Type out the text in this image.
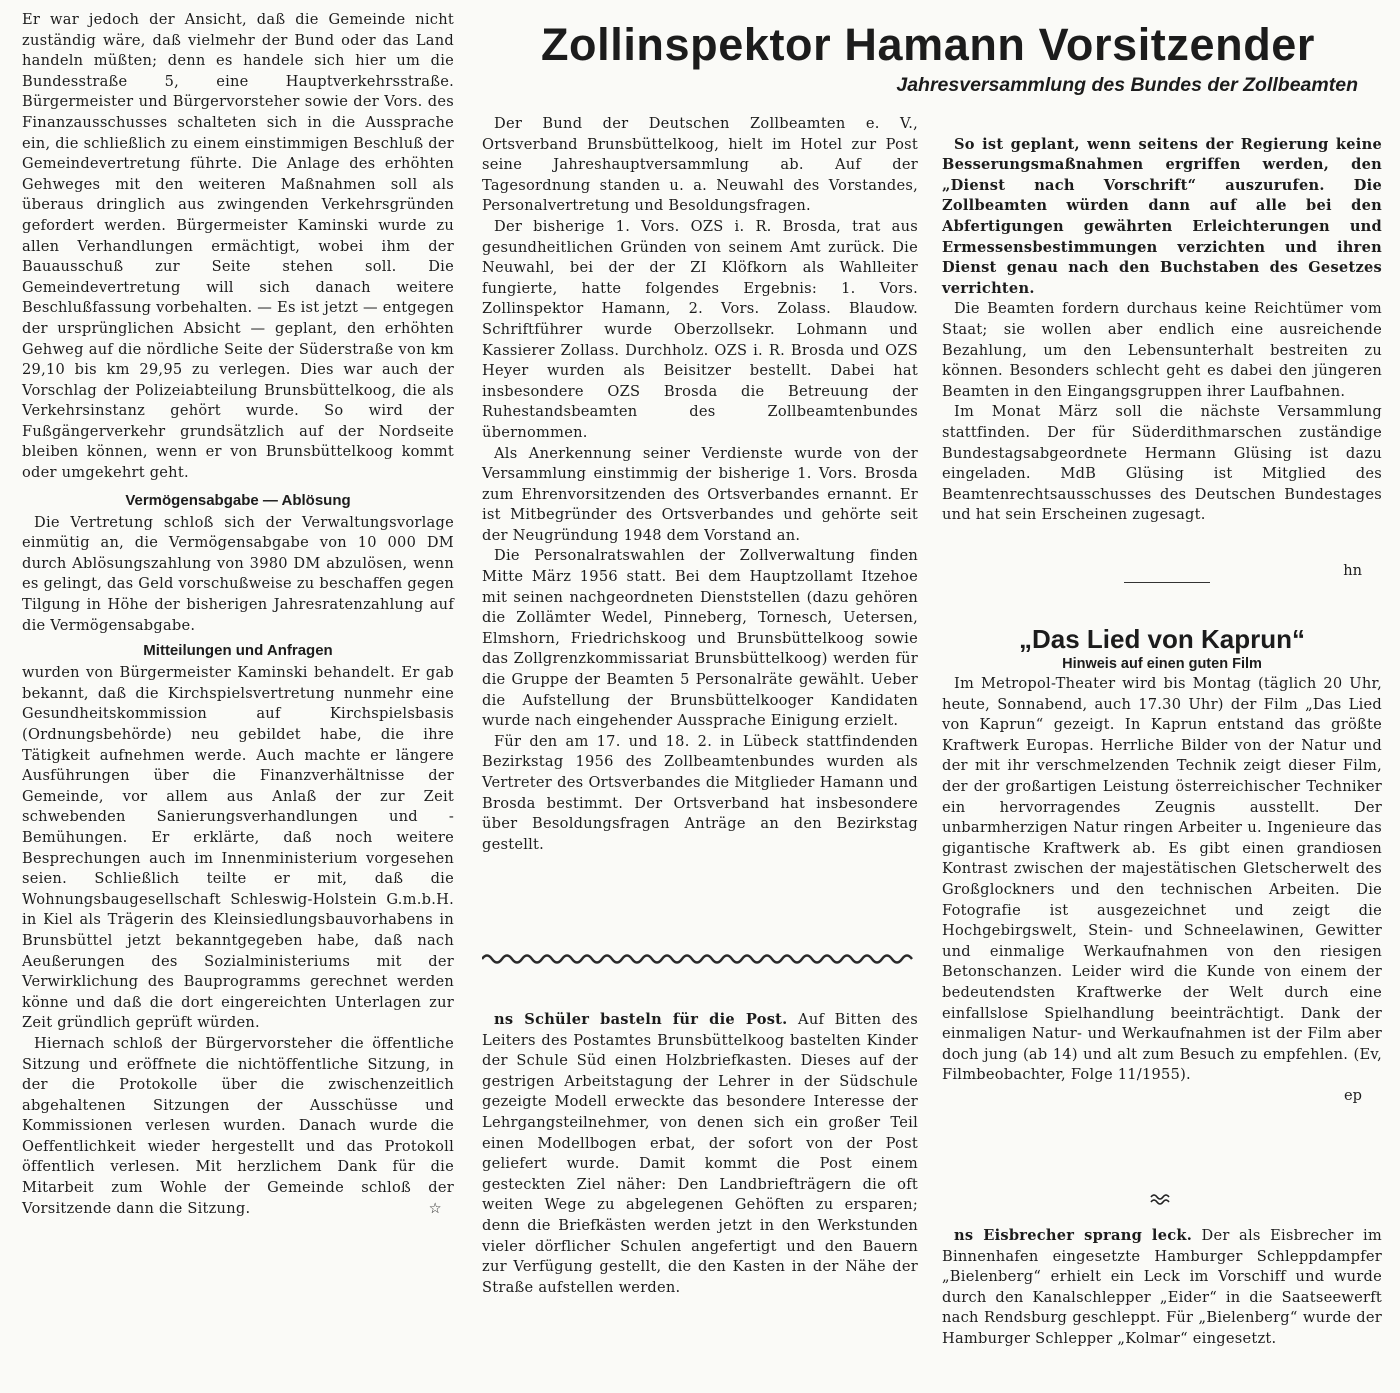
Er war jedoch der Ansicht, daß die Gemeinde nicht zuständig wäre, daß vielmehr der Bund oder das Land handeln müßten; denn es handele sich hier um die Bundesstraße 5, eine Hauptverkehrsstraße. Bürgermeister und Bürgervorsteher sowie der Vors. des Finanzausschusses schalteten sich in die Aussprache ein, die schließlich zu einem einstimmigen Beschluß der Gemeindevertretung führte. Die Anlage des erhöhten Gehweges mit den weiteren Maßnahmen soll als überaus dringlich aus zwingenden Verkehrsgründen gefordert werden. Bürgermeister Kaminski wurde zu allen Verhandlungen ermächtigt, wobei ihm der Bauausschuß zur Seite stehen soll. Die Gemeindevertretung will sich danach weitere Beschlußfassung vorbehalten. — Es ist jetzt — entgegen der ursprünglichen Absicht — geplant, den erhöhten Gehweg auf die nördliche Seite der Süderstraße von km 29,10 bis km 29,95 zu verlegen. Dies war auch der Vorschlag der Polizeiabteilung Brunsbüttelkoog, die als Verkehrsinstanz gehört wurde. So wird der Fußgängerverkehr grundsätzlich auf der Nordseite bleiben können, wenn er von Brunsbüttelkoog kommt oder umgekehrt geht.

Vermögensabgabe — Ablösung

Die Vertretung schloß sich der Verwaltungsvorlage einmütig an, die Vermögensabgabe von 10 000 DM durch Ablösungszahlung von 3980 DM abzulösen, wenn es gelingt, das Geld vorschußweise zu beschaffen gegen Tilgung in Höhe der bisherigen Jahresratenzahlung auf die Vermögensabgabe.

Mitteilungen und Anfragen

wurden von Bürgermeister Kaminski behandelt. Er gab bekannt, daß die Kirchspielsvertretung nunmehr eine Gesundheitskommission auf Kirchspielsbasis (Ordnungsbehörde) neu gebildet habe, die ihre Tätigkeit aufnehmen werde. Auch machte er längere Ausführungen über die Finanzverhältnisse der Gemeinde, vor allem aus Anlaß der zur Zeit schwebenden Sanierungsverhandlungen und -Bemühungen. Er erklärte, daß noch weitere Besprechungen auch im Innenministerium vorgesehen seien. Schließlich teilte er mit, daß die Wohnungsbaugesellschaft Schleswig-Holstein G.m.b.H. in Kiel als Trägerin des Kleinsiedlungsbauvorhabens in Brunsbüttel jetzt bekanntgegeben habe, daß nach Aeußerungen des Sozialministeriums mit der Verwirklichung des Bauprogramms gerechnet werden könne und daß die dort eingereichten Unterlagen zur Zeit gründlich geprüft würden.

Hiernach schloß der Bürgervorsteher die öffentliche Sitzung und eröffnete die nichtöffentliche Sitzung, in der die Protokolle über die zwischenzeitlich abgehaltenen Sitzungen der Ausschüsse und Kommissionen verlesen wurden. Danach wurde die Oeffentlichkeit wieder hergestellt und das Protokoll öffentlich verlesen. Mit herzlichem Dank für die Mitarbeit zum Wohle der Gemeinde schloß der Vorsitzende dann die Sitzung.	☆

Zollinspektor Hamann Vorsitzender
Jahresversammlung des Bundes der Zollbeamten

Der Bund der Deutschen Zollbeamten e. V., Ortsverband Brunsbüttelkoog, hielt im Hotel zur Post seine Jahreshauptversammlung ab. Auf der Tagesordnung standen u. a. Neuwahl des Vorstandes, Personalvertretung und Besoldungsfragen.

Der bisherige 1. Vors. OZS i. R. Brosda, trat aus gesundheitlichen Gründen von seinem Amt zurück. Die Neuwahl, bei der der ZI Klöfkorn als Wahlleiter fungierte, hatte folgendes Ergebnis: 1. Vors. Zollinspektor Hamann, 2. Vors. Zolass. Blaudow. Schriftführer wurde Oberzollsekr. Lohmann und Kassierer Zollass. Durchholz. OZS i. R. Brosda und OZS Heyer wurden als Beisitzer bestellt. Dabei hat insbesondere OZS Brosda die Betreuung der Ruhestandsbeamten des Zollbeamtenbundes übernommen.

Als Anerkennung seiner Verdienste wurde von der Versammlung einstimmig der bisherige 1. Vors. Brosda zum Ehrenvorsitzenden des Ortsverbandes ernannt. Er ist Mitbegründer des Ortsverbandes und gehörte seit der Neugründung 1948 dem Vorstand an.

Die Personalratswahlen der Zollverwaltung finden Mitte März 1956 statt. Bei dem Hauptzollamt Itzehoe mit seinen nachgeordneten Dienststellen (dazu gehören die Zollämter Wedel, Pinneberg, Tornesch, Uetersen, Elmshorn, Friedrichskoog und Brunsbüttelkoog sowie das Zollgrenzkommissariat Brunsbüttelkoog) werden für die Gruppe der Beamten 5 Personalräte gewählt. Ueber die Aufstellung der Brunsbüttelkooger Kandidaten wurde nach eingehender Aussprache Einigung erzielt.

Für den am 17. und 18. 2. in Lübeck stattfindenden Bezirkstag 1956 des Zollbeamtenbundes wurden als Vertreter des Ortsverbandes die Mitglieder Hamann und Brosda bestimmt. Der Ortsverband hat insbesondere über Besoldungsfragen Anträge an den Bezirkstag gestellt.

ns Schüler basteln für die Post. Auf Bitten des Leiters des Postamtes Brunsbüttelkoog bastelten Kinder der Schule Süd einen Holzbriefkasten. Dieses auf der gestrigen Arbeitstagung der Lehrer in der Südschule gezeigte Modell erweckte das besondere Interesse der Lehrgangsteilnehmer, von denen sich ein großer Teil einen Modellbogen erbat, der sofort von der Post geliefert wurde. Damit kommt die Post einem gesteckten Ziel näher: Den Landbriefträgern die oft weiten Wege zu abgelegenen Gehöften zu ersparen; denn die Briefkästen werden jetzt in den Werkstunden vieler dörflicher Schulen angefertigt und den Bauern zur Verfügung gestellt, die den Kasten in der Nähe der Straße aufstellen werden.

So ist geplant, wenn seitens der Regierung keine Besserungsmaßnahmen ergriffen werden, den „Dienst nach Vorschrift“ auszurufen. Die Zollbeamten würden dann auf alle bei den Abfertigungen gewährten Erleichterungen und Ermessensbestimmungen verzichten und ihren Dienst genau nach den Buchstaben des Gesetzes verrichten.

Die Beamten fordern durchaus keine Reichtümer vom Staat; sie wollen aber endlich eine ausreichende Bezahlung, um den Lebensunterhalt bestreiten zu können. Besonders schlecht geht es dabei den jüngeren Beamten in den Eingangsgruppen ihrer Laufbahnen.

Im Monat März soll die nächste Versammlung stattfinden. Der für Süderdithmarschen zuständige Bundestagsabgeordnete Hermann Glüsing ist dazu eingeladen. MdB Glüsing ist Mitglied des Beamtenrechtsausschusses des Deutschen Bundestages und hat sein Erscheinen zugesagt.

hn

„Das Lied von Kaprun“

Hinweis auf einen guten Film

Im Metropol-Theater wird bis Montag (täglich 20 Uhr, heute, Sonnabend, auch 17.30 Uhr) der Film „Das Lied von Kaprun“ gezeigt. In Kaprun entstand das größte Kraftwerk Europas. Herrliche Bilder von der Natur und der mit ihr verschmelzenden Technik zeigt dieser Film, der der großartigen Leistung österreichischer Techniker ein hervorragendes Zeugnis ausstellt. Der unbarmherzigen Natur ringen Arbeiter u. Ingenieure das gigantische Kraftwerk ab. Es gibt einen grandiosen Kontrast zwischen der majestätischen Gletscherwelt des Großglockners und den technischen Arbeiten. Die Fotografie ist ausgezeichnet und zeigt die Hochgebirgswelt, Stein- und Schneelawinen, Gewitter und einmalige Werkaufnahmen von den riesigen Betonschanzen. Leider wird die Kunde von einem der bedeutendsten Kraftwerke der Welt durch eine einfallslose Spielhandlung beeinträchtigt. Dank der einmaligen Natur- und Werkaufnahmen ist der Film aber doch jung (ab 14) und alt zum Besuch zu empfehlen. (Ev, Filmbeobachter, Folge 11/1955).

ep

ns Eisbrecher sprang leck. Der als Eisbrecher im Binnenhafen eingesetzte Hamburger Schleppdampfer „Bielenberg“ erhielt ein Leck im Vorschiff und wurde durch den Kanalschlepper „Eider“ in die Saatseewerft nach Rendsburg geschleppt. Für „Bielenberg“ wurde der Hamburger Schlepper „Kolmar“ eingesetzt.
